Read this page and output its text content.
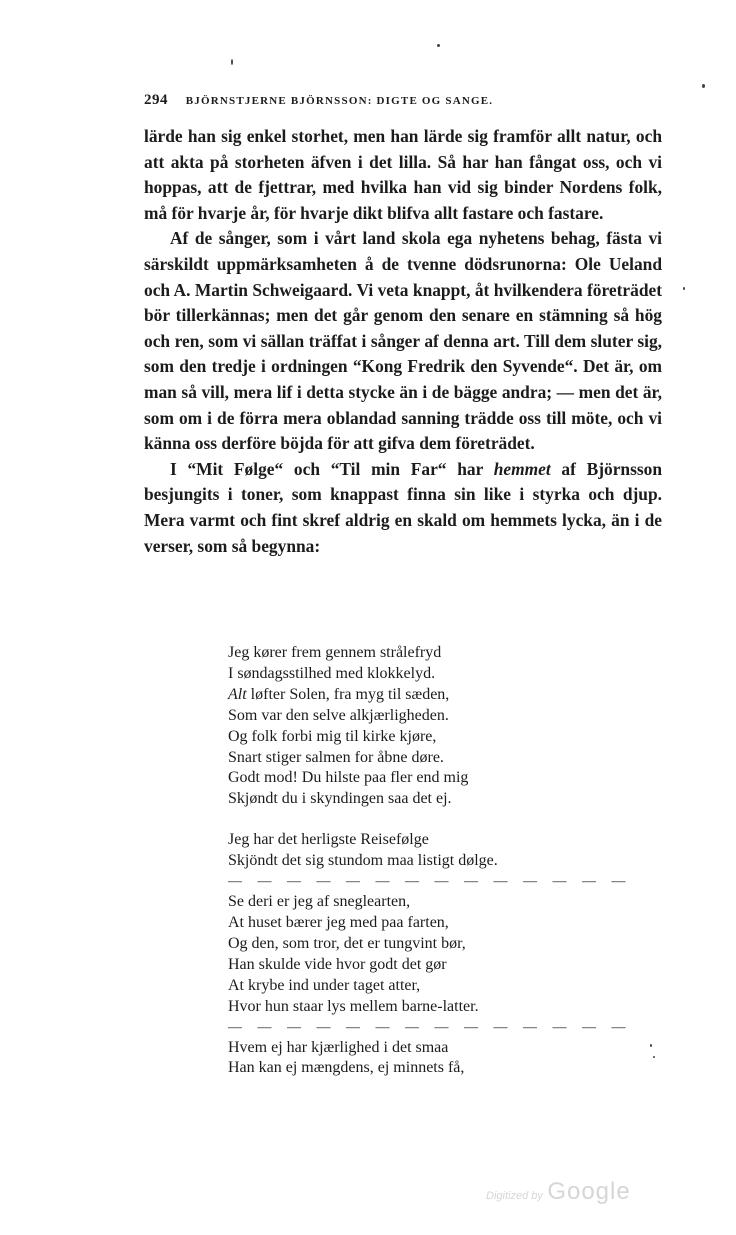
294 BJÖRNSTJERNE BJÖRNSSON: DIGTE OG SANGE.

lärde han sig enkel storhet, men han lärde sig framför allt natur, och att akta på storheten äfven i det lilla. Så har han fångat oss, och vi hoppas, att de fjettrar, med hvilka han vid sig binder Nordens folk, må för hvarje år, för hvarje dikt blifva allt fastare och fastare.

Af de sånger, som i vårt land skola ega nyhetens behag, fästa vi särskildt uppmärksamheten å de tvenne dödsrunorna: Ole Ueland och A. Martin Schweigaard. Vi veta knappt, åt hvilkendera företrädet bör tillerkännas; men det går genom den senare en stämning så hög och ren, som vi sällan träffat i sånger af denna art. Till dem sluter sig, som den tredje i ordningen “Kong Fredrik den Syvende“. Det är, om man så vill, mera lif i detta stycke än i de bägge andra; — men det är, som om i de förra mera oblandad sanning trädde oss till möte, och vi känna oss derföre böjda för att gifva dem företrädet.

I “Mit Følge“ och “Til min Far“ har hemmet af Björnsson besjungits i toner, som knappast finna sin like i styrka och djup. Mera varmt och fint skref aldrig en skald om hemmets lycka, än i de verser, som så begynna:

Jeg kører frem gennem strålefryd
I søndagsstilhed med klokkelyd.
Alt løfter Solen, fra myg til sæden,
Som var den selve alkjærligheden.
Og folk forbi mig til kirke kjøre,
Snart stiger salmen for åbne døre.
Godt mod! Du hilste paa fler end mig
Skjøndt du i skyndingen saa det ej.
Jeg har det herligste Reisefølge
Skjöndt det sig stundom maa listigt dølge.
— — — — — — — — — — — — — —
Se deri er jeg af sneglearten,
At huset bærer jeg med paa farten,
Og den, som tror, det er tungvint bør,
Han skulde vide hvor godt det gør
At krybe ind under taget atter,
Hvor hun staar lys mellem barne-latter.
— — — — — — — — — — — — — —
Hvem ej har kjærlighed i det smaa
Han kan ej mængdens, ej minnets få,
Digitized by Google
